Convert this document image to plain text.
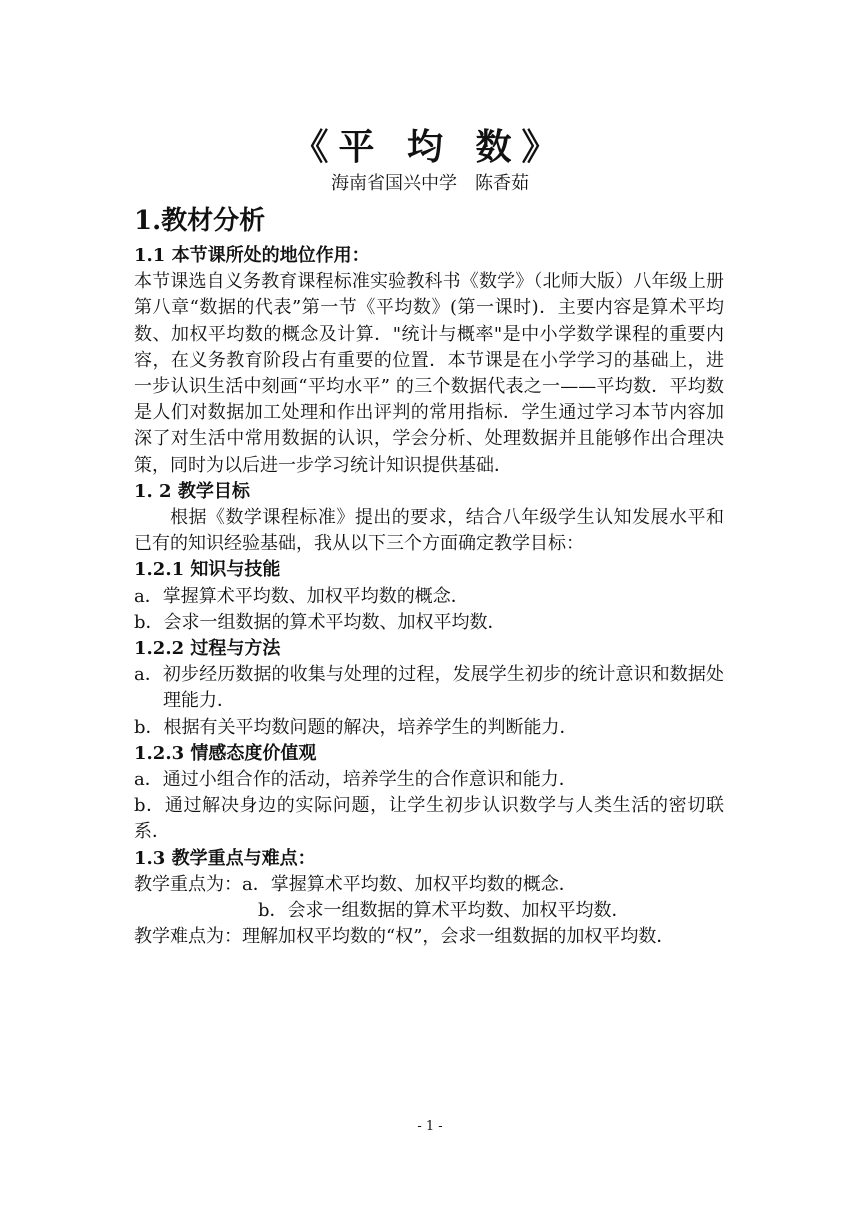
《平 均 数》
海南省国兴中学　陈香茹
1.教材分析
1.1 本节课所处的地位作用：

本节课选自义务教育课程标准实验教科书《数学》（北师大版）八年级上册第八章“数据的代表”第一节《平均数》(第一课时)．主要内容是算术平均数、加权平均数的概念及计算．"统计与概率"是中小学数学课程的重要内容，在义务教育阶段占有重要的位置．本节课是在小学学习的基础上，进一步认识生活中刻画“平均水平” 的三个数据代表之一——平均数．平均数是人们对数据加工处理和作出评判的常用指标．学生通过学习本节内容加深了对生活中常用数据的认识，学会分析、处理数据并且能够作出合理决策，同时为以后进一步学习统计知识提供基础．

1. 2 教学目标

根据《数学课程标准》提出的要求，结合八年级学生认知发展水平和已有的知识经验基础，我从以下三个方面确定教学目标：

1.2.1 知识与技能

a．掌握算术平均数、加权平均数的概念．

b．会求一组数据的算术平均数、加权平均数．

1.2.2 过程与方法

a．初步经历数据的收集与处理的过程，发展学生初步的统计意识和数据处理能力．

b．根据有关平均数问题的解决，培养学生的判断能力．

1.2.3 情感态度价值观

a．通过小组合作的活动，培养学生的合作意识和能力．

b．通过解决身边的实际问题，让学生初步认识数学与人类生活的密切联系．

1.3 教学重点与难点：

教学重点为：a．掌握算术平均数、加权平均数的概念．

b．会求一组数据的算术平均数、加权平均数．

教学难点为：理解加权平均数的“权”，会求一组数据的加权平均数．

- 1 -
